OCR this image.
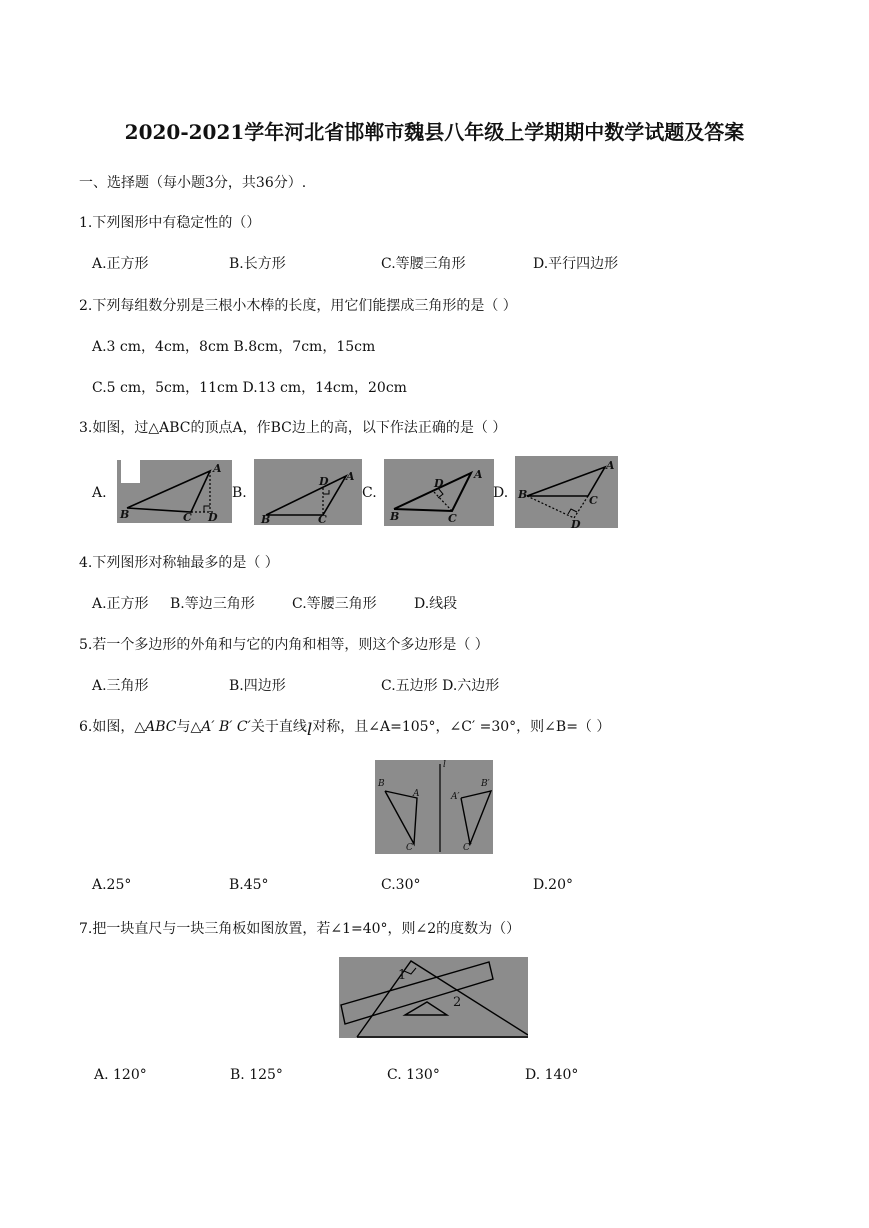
2020-2021学年河北省邯郸市魏县八年级上学期期中数学试题及答案
一、选择题（每小题3分，共36分）.
1.下列图形中有稳定性的（）
A.正方形	B.长方形	C.等腰三角形	D.平行四边形
2.下列每组数分别是三根小木棒的长度，用它们能摆成三角形的是（ ）
A.3 cm，4cm，8cm B.8cm，7cm，15cm
C.5 cm，5cm，11cm D.13 cm，14cm，20cm
3.如图，过△ABC的顶点A，作BC边上的高，以下作法正确的是（ ）
A.
A
B	C D
B.
D A
B	C
C.
D
A
B	C
D.
A
B	C
D
4.下列图形对称轴最多的是（ ）
A.正方形 B.等边三角形	C.等腰三角形	D.线段
5.若一个多边形的外角和与它的内角和相等，则这个多边形是（ ）
A.三角形	B.四边形	C.五边形 D.六边形
6.如图，△ABC与△A′ B′ C′关于直线l对称，且∠A=105°，∠C′ =30°，则∠B=（ ）
l
B
A
C
A′
B′
C′
A.25°	B.45°	C.30°	D.20°
7.把一块直尺与一块三角板如图放置，若∠1=40°，则∠2的度数为（）
1
2
A. 120°	B. 125°	C. 130°	D. 140°
